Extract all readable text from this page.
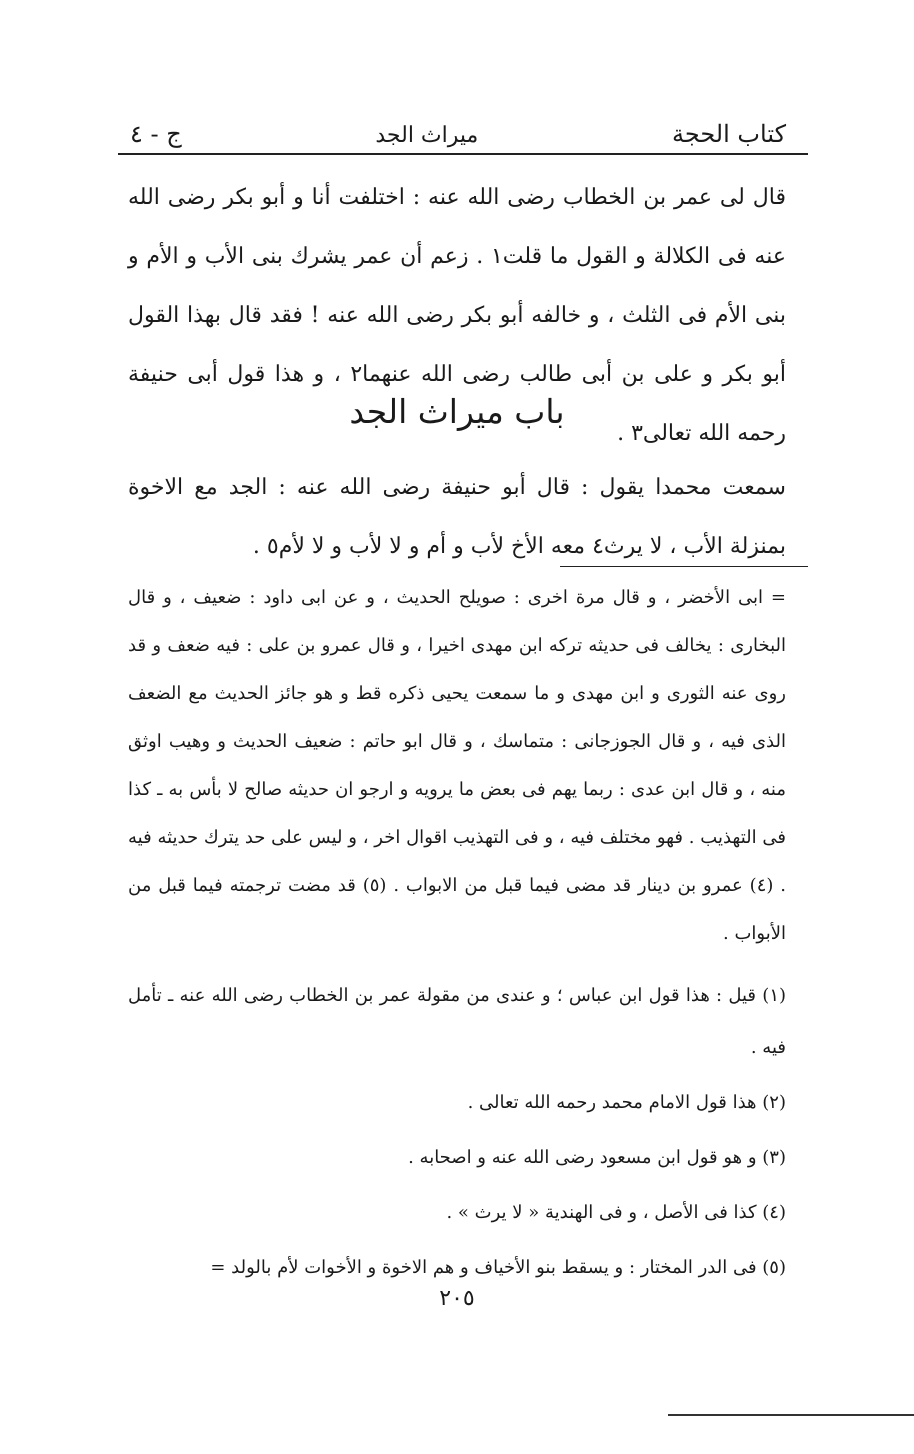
كتاب الحجة
ميراث الجد
ج - ٤

قال لى عمر بن الخطاب رضى الله عنه : اختلفت أنا و أبو بكر رضى الله عنه فى الكلالة و القول ما قلت١ . زعم أن عمر يشرك بنى الأب و الأم و بنى الأم فى الثلث ، و خالفه أبو بكر رضى الله عنه ! فقد قال بهذا القول أبو بكر و على بن أبى طالب رضى الله عنهما٢ ، و هذا قول أبى حنيفة رحمه الله تعالى٣ .

باب ميراث الجد

سمعت محمدا يقول : قال أبو حنيفة رضى الله عنه : الجد مع الاخوة بمنزلة الأب ، لا يرث٤ معه الأخ لأب و أم و لا لأب و لا لأم٥ .

= ابى الأخضر ، و قال مرة اخرى : صويلح الحديث ، و عن ابى داود : ضعيف ، و قال البخارى : يخالف فى حديثه تركه ابن مهدى اخيرا ، و قال عمرو بن على : فيه ضعف و قد روى عنه الثورى و ابن مهدى و ما سمعت يحيى ذكره قط و هو جائز الحديث مع الضعف الذى فيه ، و قال الجوزجانى : متماسك ، و قال ابو حاتم : ضعيف الحديث و وهيب اوثق منه ، و قال ابن عدى : ربما يهم فى بعض ما يرويه و ارجو ان حديثه صالح لا بأس به ـ كذا فى التهذيب . فهو مختلف فيه ، و فى التهذيب اقوال اخر ، و ليس على حد يترك حديثه فيه . (٤) عمرو بن دينار قد مضى فيما قبل من الابواب . (٥) قد مضت ترجمته فيما قبل من الأبواب .

(١) قيل : هذا قول ابن عباس ؛ و عندى من مقولة عمر بن الخطاب رضى الله عنه ـ تأمل فيه .

(٢) هذا قول الامام محمد رحمه الله تعالى .

(٣) و هو قول ابن مسعود رضى الله عنه و اصحابه .

(٤) كذا فى الأصل ، و فى الهندية « لا يرث » .

(٥) فى الدر المختار : و يسقط بنو الأخياف و هم الاخوة و الأخوات لأم بالولد =

٢٠٥
